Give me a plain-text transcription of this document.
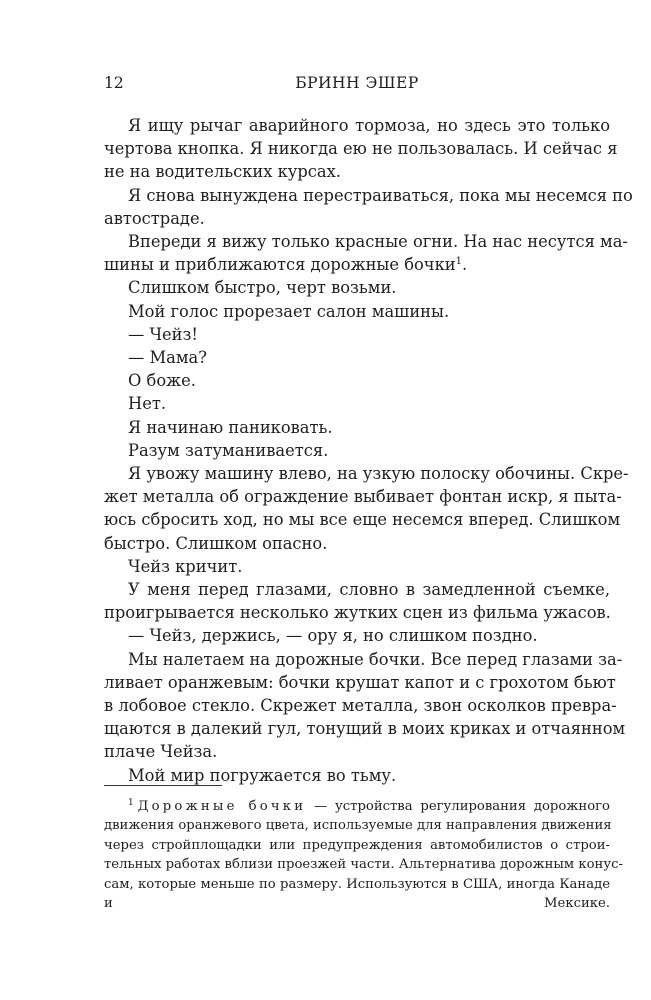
12	БРИНН ЭШЕР

Я ищу рычаг аварийного тормоза, но здесь это только
чертова кнопка. Я никогда ею не пользовалась. И сейчас я
не на водительских курсах.

Я снова вынуждена перестраиваться, пока мы несемся по
автостраде.

Впереди я вижу только красные огни. На нас несутся ма-
шины и приближаются дорожные бочки$^1$.

Слишком быстро, черт возьми.

Мой голос прорезает салон машины.

— Чейз!

— Мама?

О боже.

Нет.

Я начинаю паниковать.

Разум затуманивается.

Я увожу машину влево, на узкую полоску обочины. Скре-
жет металла об ограждение выбивает фонтан искр, я пыта-
юсь сбросить ход, но мы все еще несемся вперед. Слишком
быстро. Слишком опасно.

Чейз кричит.

У меня перед глазами, словно в замедленной съемке,
проигрывается несколько жутких сцен из фильма ужасов.

— Чейз, держись, — ору я, но слишком поздно.

Мы налетаем на дорожные бочки. Все перед глазами за-
ливает оранжевым: бочки крушат капот и с грохотом бьют
в лобовое стекло. Скрежет металла, звон осколков превра-
щаются в далекий гул, тонущий в моих криках и отчаянном
плаче Чейза.

Мой мир погружается во тьму.

$^1$ Дорожные бочки — устройства регулирования дорожного
движения оранжевого цвета, используемые для направления движения
через стройплощадки или предупреждения автомобилистов о строи-
тельных работах вблизи проезжей части. Альтернатива дорожным конус-
сам, которые меньше по размеру. Используются в США, иногда Канаде
и Мексике.
